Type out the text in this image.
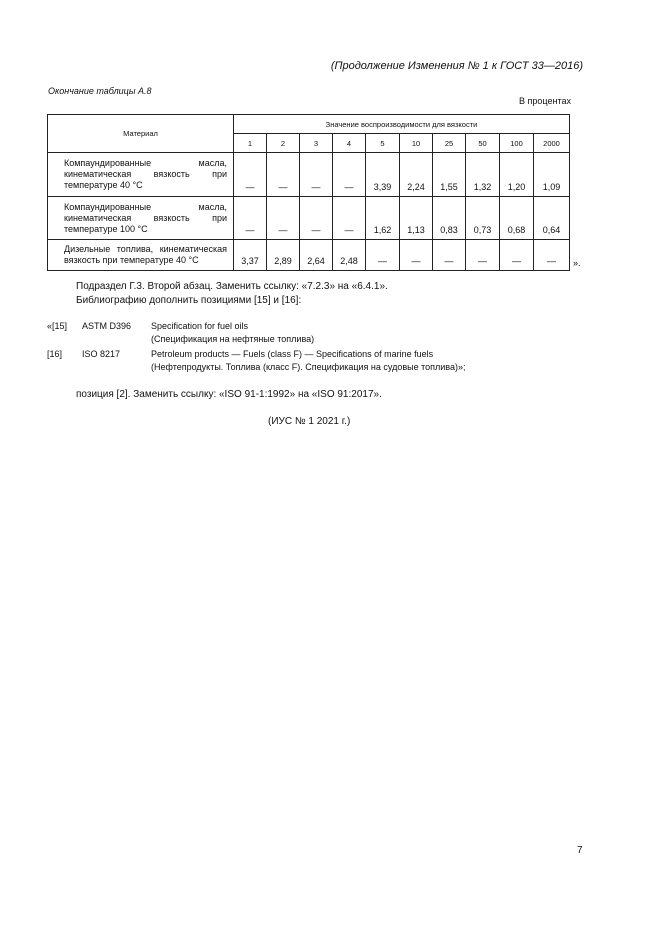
(Продолжение Изменения № 1 к ГОСТ 33—2016)
Окончание таблицы А.8
В процентах
Материал	Значение воспроизводимости для вязкости									
	1	2	3	4	5	10	25	50	100	2000
Компаундированные масла, кинематическая вязкость при температуре 40 °C	—	—	—	—	3,39	2,24	1,55	1,32	1,20	1,09
Компаундированные масла, кинематическая вязкость при температуре 100 °C	—	—	—	—	1,62	1,13	0,83	0,73	0,68	0,64
Дизельные топлива, кинематическая вязкость при температуре 40 °C	3,37	2,89	2,64	2,48	—	—	—	—	—	— ».
Подраздел Г.3. Второй абзац. Заменить ссылку: «7.2.3» на «6.4.1».
Библиографию дополнить позициями [15] и [16]:
«[15] ASTM D396 Specification for fuel oils
(Спецификация на нефтяные топлива)
[16] ISO 8217	Petroleum products — Fuels (class F) — Specifications of marine fuels
(Нефтепродукты. Топлива (класс F). Спецификация на судовые топлива)»;
позиция [2]. Заменить ссылку: «ISO 91-1:1992» на «ISO 91:2017».
(ИУС № 1 2021 г.)
7
